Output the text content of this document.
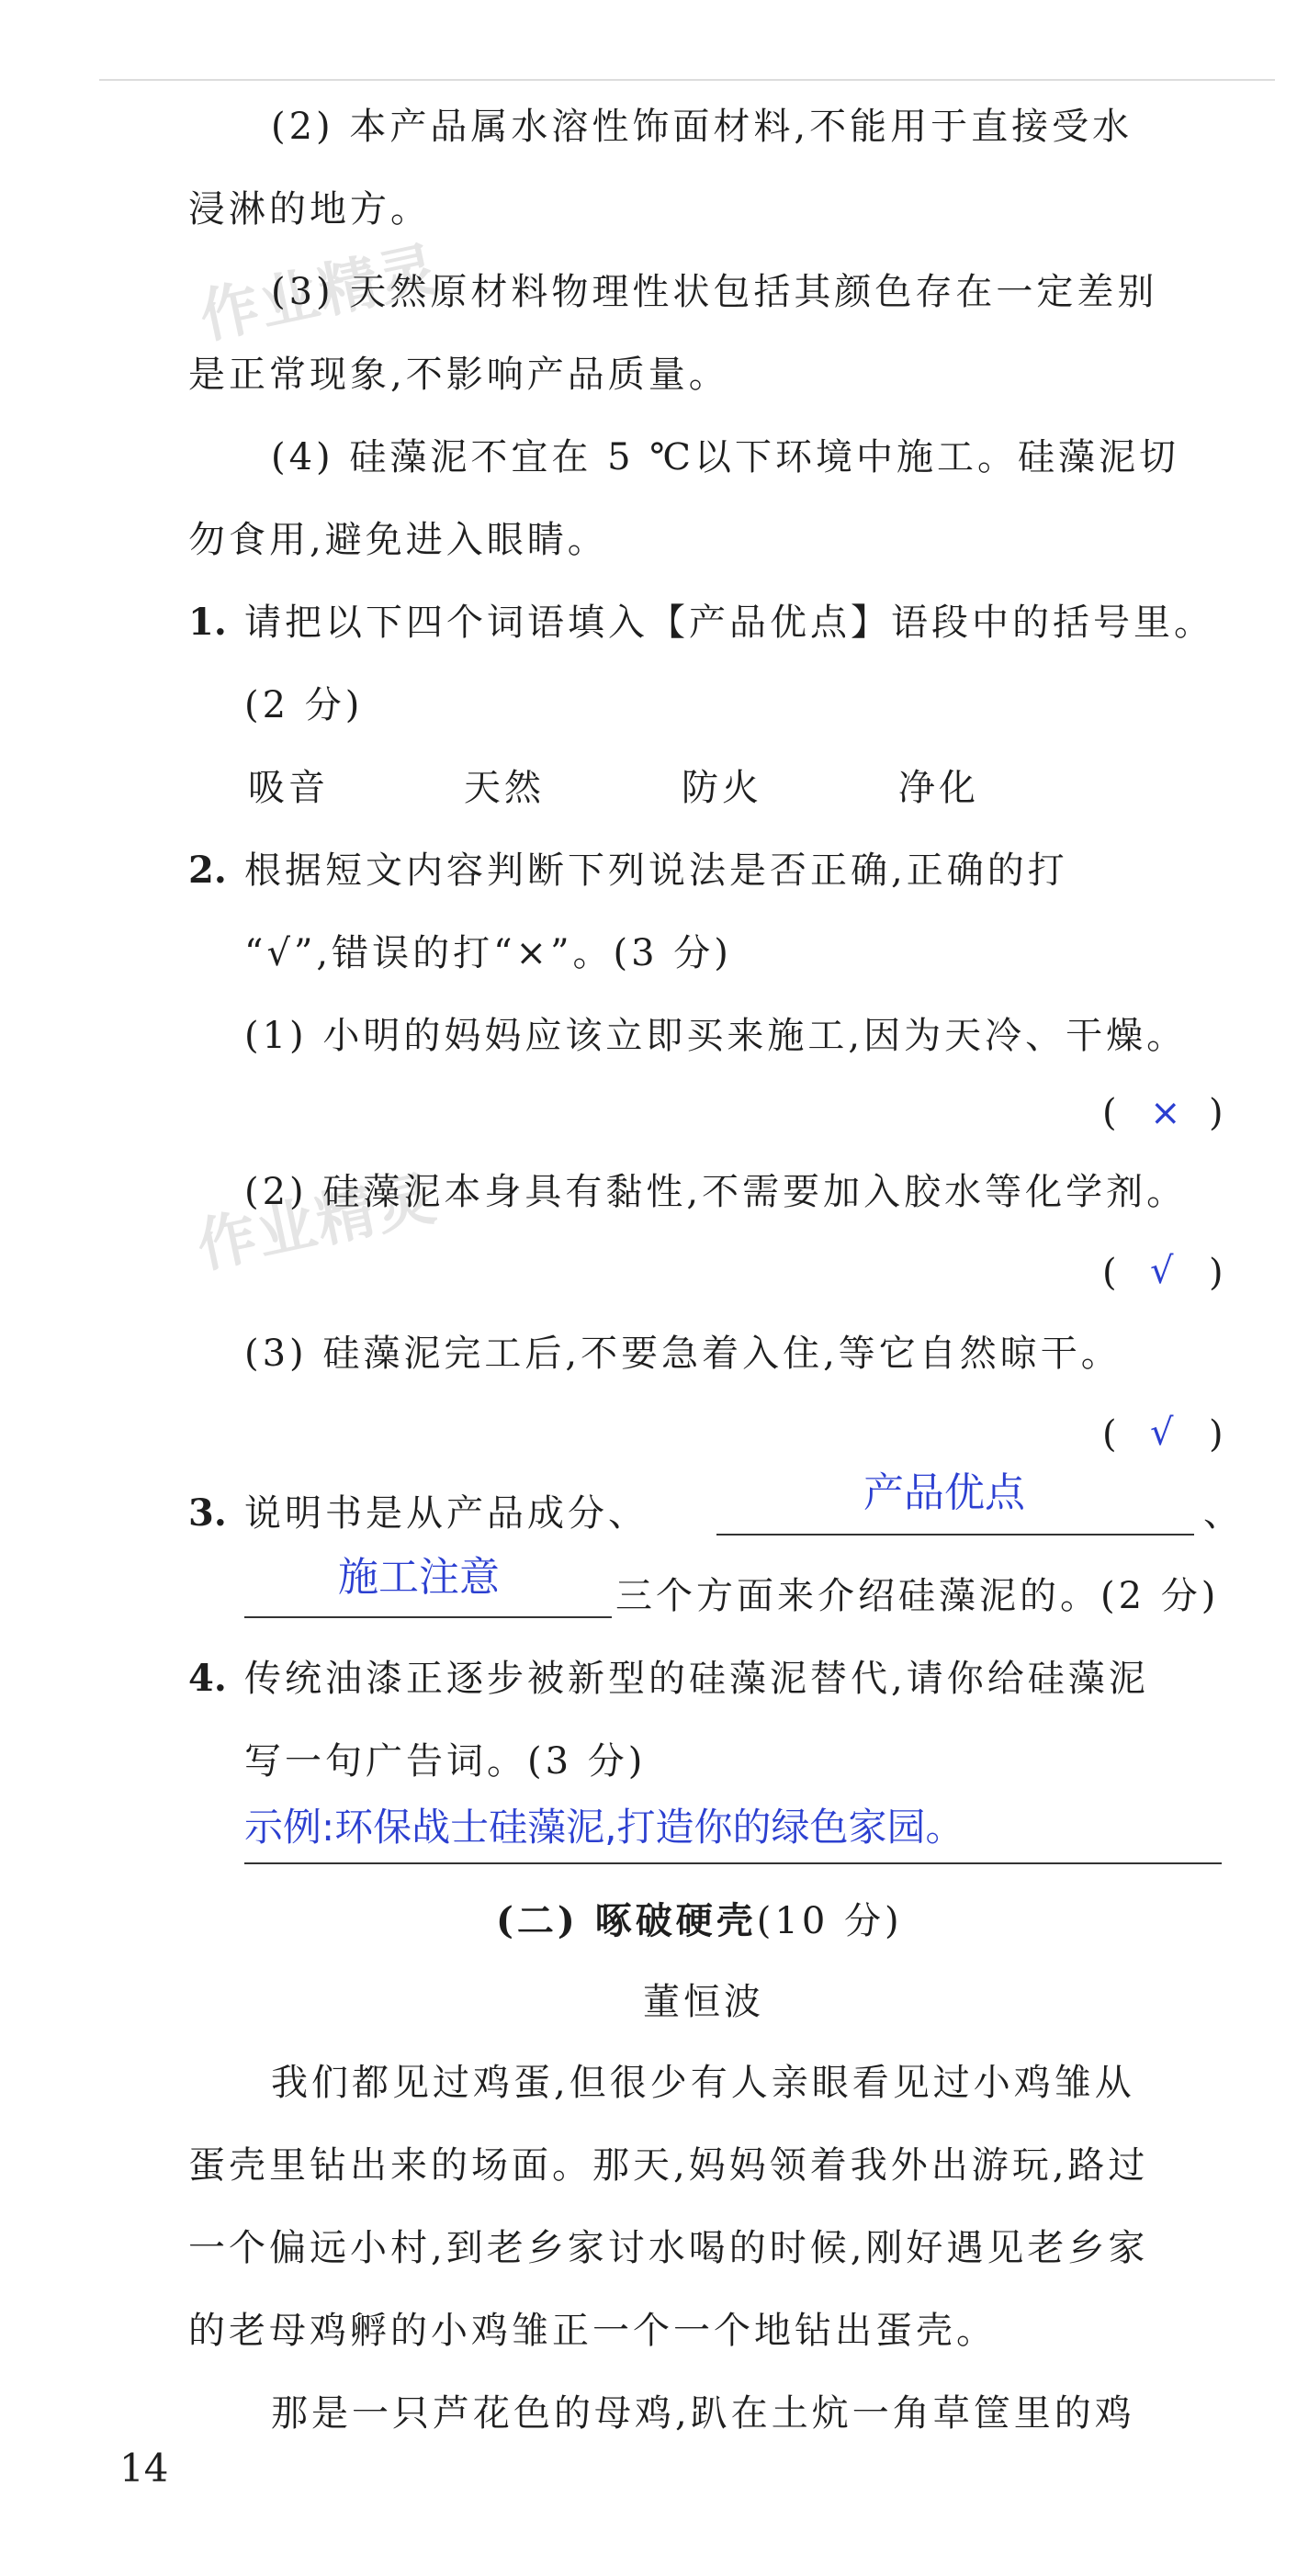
作业精灵
作业精灵
(2) 本产品属水溶性饰面材料,不能用于直接受水
浸淋的地方。
(3) 天然原材料物理性状包括其颜色存在一定差别
是正常现象,不影响产品质量。
(4) 硅藻泥不宜在 5 ℃以下环境中施工。硅藻泥切
勿食用,避免进入眼睛。
1. 请把以下四个词语填入【产品优点】语段中的括号里。
(2 分)
吸音	天然	防火	净化
2. 根据短文内容判断下列说法是否正确,正确的打
“√”,错误的打“×”。(3 分)
(1) 小明的妈妈应该立即买来施工,因为天冷、干燥。
( × )
(2) 硅藻泥本身具有黏性,不需要加入胶水等化学剂。
( √ )
(3) 硅藻泥完工后,不要急着入住,等它自然晾干。
( √ )
3. 说明书是从产品成分、	产品优点	、
施工注意	三个方面来介绍硅藻泥的。(2 分)
4. 传统油漆正逐步被新型的硅藻泥替代,请你给硅藻泥
写一句广告词。(3 分)
示例:环保战士硅藻泥,打造你的绿色家园。
(二) 啄破硬壳(10 分)
董恒波
我们都见过鸡蛋,但很少有人亲眼看见过小鸡雏从
蛋壳里钻出来的场面。那天,妈妈领着我外出游玩,路过
一个偏远小村,到老乡家讨水喝的时候,刚好遇见老乡家
的老母鸡孵的小鸡雏正一个一个地钻出蛋壳。
那是一只芦花色的母鸡,趴在土炕一角草筐里的鸡
14
